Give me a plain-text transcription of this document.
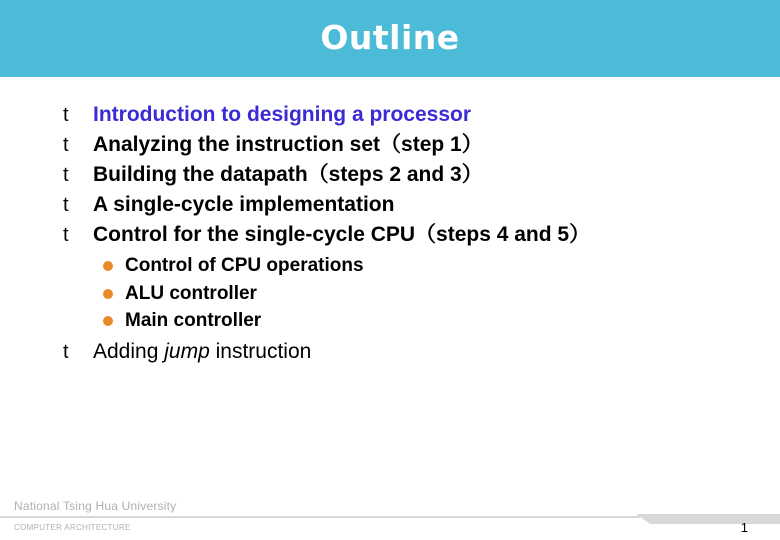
Outline
t	Introduction to designing a processor
t	Analyzing the instruction set（step 1）
t	Building the datapath（steps 2 and 3）
t	A single-cycle implementation
t	Control for the single-cycle CPU（steps 4 and 5）
Control of CPU operations
ALU controller
Main controller
t	Adding jump instruction
National Tsing Hua University
COMPUTER ARCHITECTURE	1
